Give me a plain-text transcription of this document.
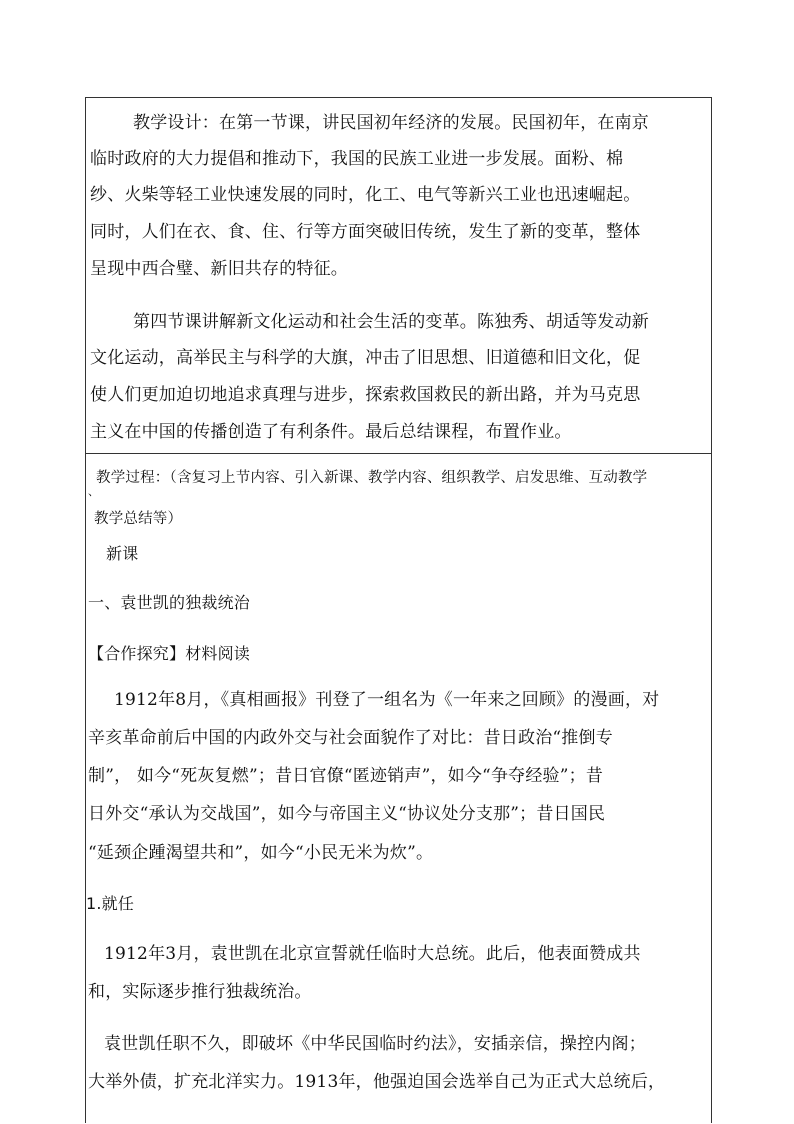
教学设计：在第一节课，讲民国初年经济的发展。民国初年，在南京
临时政府的大力提倡和推动下，我国的民族工业进一步发展。面粉、棉
纱、火柴等轻工业快速发展的同时，化工、电气等新兴工业也迅速崛起。
同时，人们在衣、食、住、行等方面突破旧传统，发生了新的变革，整体
呈现中西合璧、新旧共存的特征。
第四节课讲解新文化运动和社会生活的变革。陈独秀、胡适等发动新
文化运动，高举民主与科学的大旗，冲击了旧思想、旧道德和旧文化，促
使人们更加迫切地追求真理与进步，探索救国救民的新出路，并为马克思
主义在中国的传播创造了有利条件。最后总结课程，布置作业。
教学过程：（含复习上节内容、引入新课、教学内容、组织教学、启发思维、互动教学
、
教学总结等）
新课
一、袁世凯的独裁统治
【合作探究】材料阅读
1912年8月，《真相画报》刊登了一组名为《一年来之回顾》的漫画，对
辛亥革命前后中国的内政外交与社会面貌作了对比：昔日政治“推倒专
制”， 如今“死灰复燃”；昔日官僚“匿迹销声”，如今“争夺经验”；昔
日外交“承认为交战国”，如今与帝国主义“协议处分支那”；昔日国民
“延颈企踵渴望共和”，如今“小民无米为炊”。
1.就任
1912年3月，袁世凯在北京宣誓就任临时大总统。此后，他表面赞成共
和，实际逐步推行独裁统治。
袁世凯任职不久，即破坏《中华民国临时约法》，安插亲信，操控内阁；
大举外债，扩充北洋实力。1913年，他强迫国会选举自己为正式大总统后，
